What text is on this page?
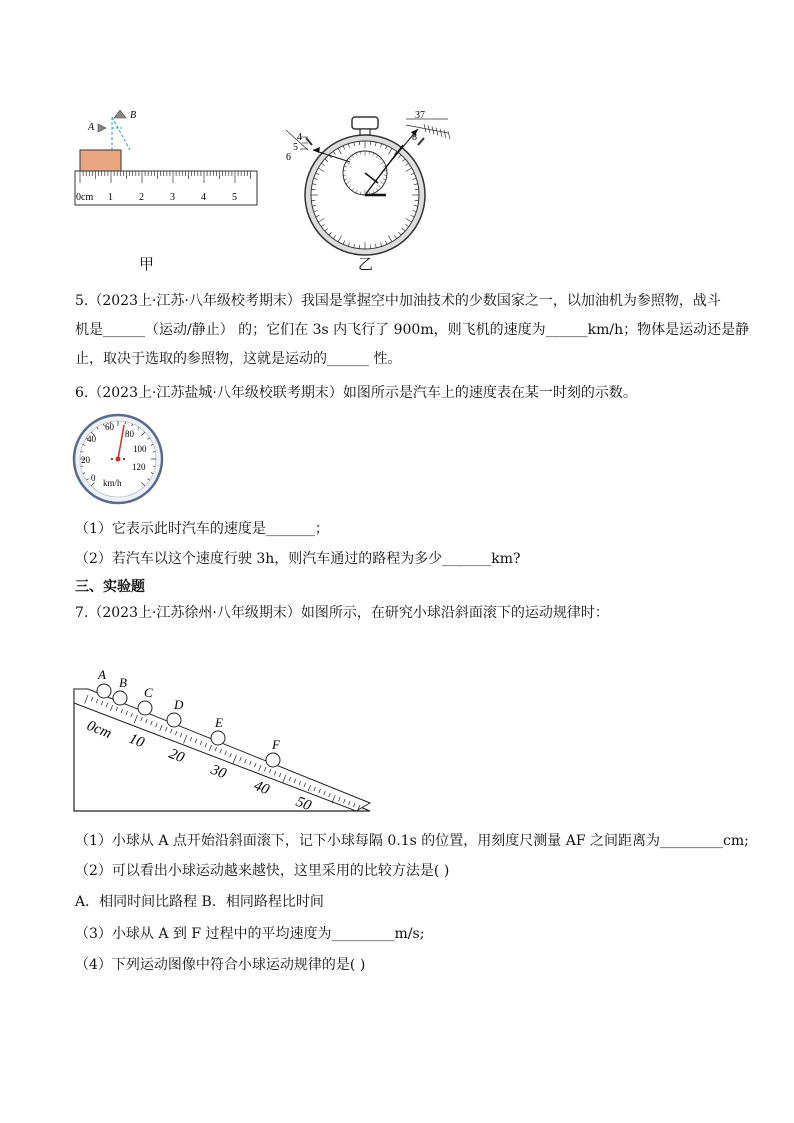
A
B
0cm 1	2	3	4	5
甲
4
5
6
37
8
乙
5.（2023上·江苏·八年级校考期末）我国是掌握空中加油技术的少数国家之一，以加油机为参照物，战斗
机是______（运动/静止） 的；它们在 3s 内飞行了 900m，则飞机的速度为______km/h；物体是运动还是静
止，取决于选取的参照物，这就是运动的______ 性。
6.（2023上·江苏盐城·八年级校联考期末）如图所示是汽车上的速度表在某一时刻的示数。
0
20
40
60
80
100
120
km/h
（1）它表示此时汽车的速度是_______；
（2）若汽车以这个速度行驶 3h，则汽车通过的路程为多少_______km?
三、实验题
7.（2023上·江苏徐州·八年级期末）如图所示，在研究小球沿斜面滚下的运动规律时：
A
B
C
D
E
F
0cm 10
20
30
40
50
（1）小球从 A 点开始沿斜面滚下，记下小球每隔 0.1s 的位置，用刻度尺测量 AF 之间距离为_________cm;
（2）可以看出小球运动越来越快，这里采用的比较方法是( )
A．相同时间比路程 B．相同路程比时间
（3）小球从 A 到 F 过程中的平均速度为_________m/s;
（4）下列运动图像中符合小球运动规律的是( )
